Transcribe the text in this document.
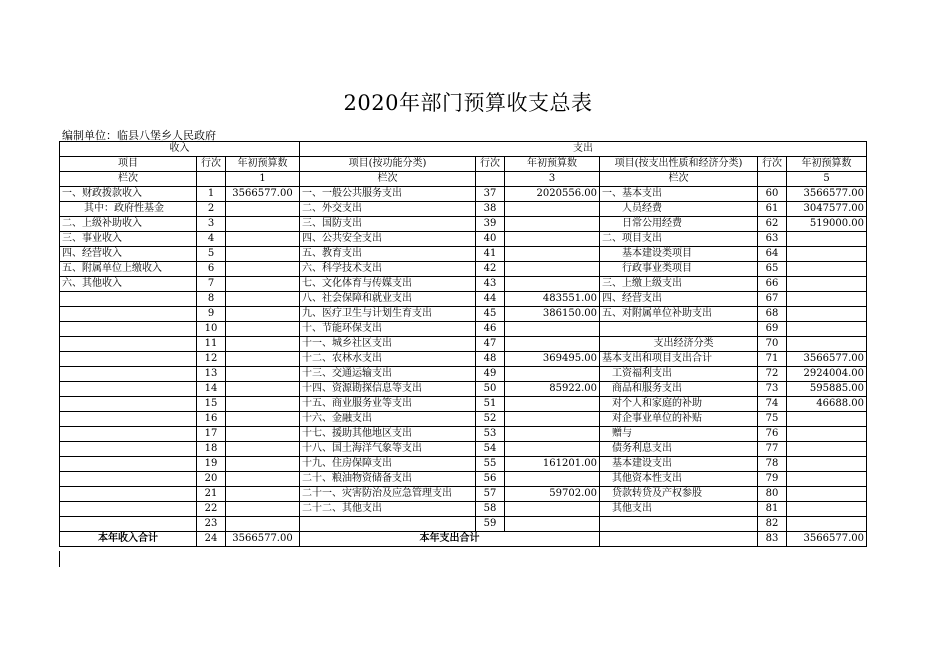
2020年部门预算收支总表
编制单位：临县八堡乡人民政府
收入			支出					
项目	行次	年初预算数	项目(按功能分类)	行次	年初预算数	项目(按支出性质和经济分类)	行次	年初预算数
栏次		1	栏次		3	栏次		5
一、财政拨款收入	1	3566577.00	一、一般公共服务支出	37	2020556.00	一、基本支出	60	3566577.00
其中：政府性基金	2		二、外交支出	38		人员经费	61	3047577.00
二、上级补助收入	3		三、国防支出	39		日常公用经费	62	519000.00
三、事业收入	4		四、公共安全支出	40		二、项目支出	63	
四、经营收入	5		五、教育支出	41		基本建设类项目	64	
五、附属单位上缴收入	6		六、科学技术支出	42		行政事业类项目	65	
六、其他收入	7		七、文化体育与传媒支出	43		三、上缴上级支出	66	
	8		八、社会保障和就业支出	44	483551.00	四、经营支出	67	
	9		九、医疗卫生与计划生育支出	45	386150.00	五、对附属单位补助支出	68	
	10		十、节能环保支出	46			69	
	11		十一、城乡社区支出	47		支出经济分类	70	
	12		十二、农林水支出	48	369495.00	基本支出和项目支出合计	71	3566577.00
	13		十三、交通运输支出	49		工资福利支出	72	2924004.00
	14		十四、资源勘探信息等支出	50	85922.00	商品和服务支出	73	595885.00
	15		十五、商业服务业等支出	51		对个人和家庭的补助	74	46688.00
	16		十六、金融支出	52		对企事业单位的补贴	75	
	17		十七、援助其他地区支出	53		赠与	76	
	18		十八、国土海洋气象等支出	54		债务利息支出	77	
	19		十九、住房保障支出	55	161201.00	基本建设支出	78	
	20		二十、粮油物资储备支出	56		其他资本性支出	79	
	21		二十一、灾害防治及应急管理支出	57	59702.00	贷款转贷及产权参股	80	
	22		二十二、其他支出	58		其他支出	81	
	23			59			82	
本年收入合计	24	3566577.00	本年支出合计				83	3566577.00
